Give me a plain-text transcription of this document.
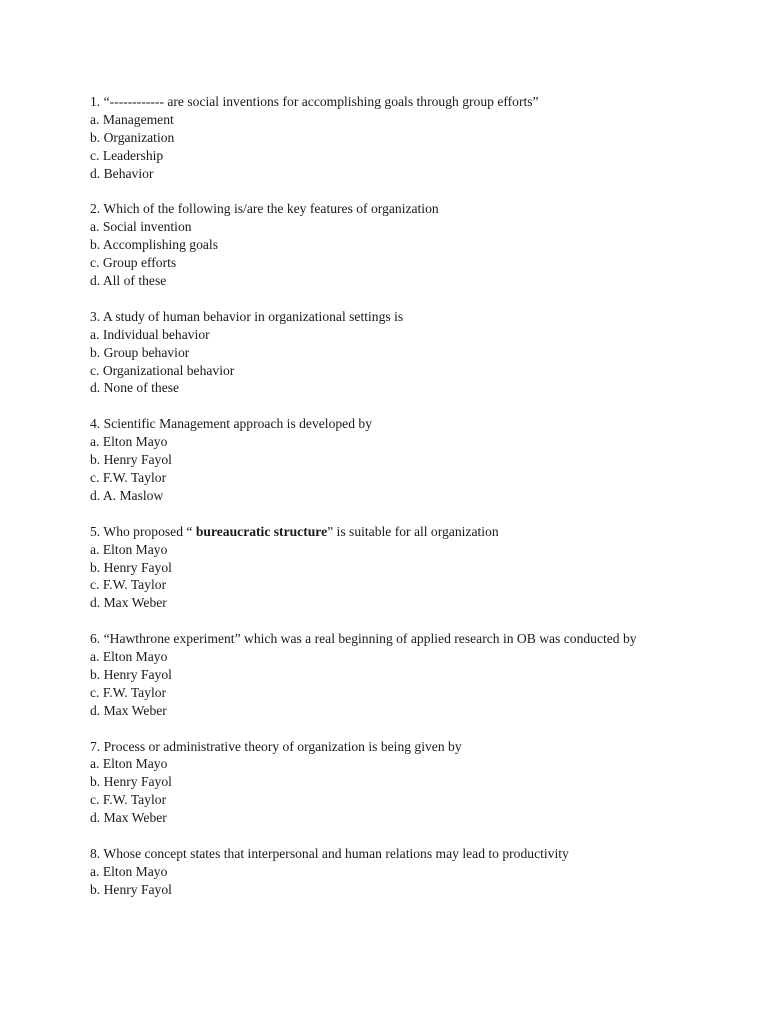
1. “------------ are social inventions for accomplishing goals through group efforts”
a. Management
b. Organization
c. Leadership
d. Behavior
2. Which of the following is/are the key features of organization
a. Social invention
b. Accomplishing goals
c. Group efforts
d. All of these
3. A study of human behavior in organizational settings is
a. Individual behavior
b. Group behavior
c. Organizational behavior
d. None of these
4. Scientific Management approach is developed by
a. Elton Mayo
b. Henry Fayol
c. F.W. Taylor
d. A. Maslow
5. Who proposed “ bureaucratic structure” is suitable for all organization
a. Elton Mayo
b. Henry Fayol
c. F.W. Taylor
d. Max Weber
6. “Hawthrone experiment” which was a real beginning of applied research in OB was conducted by
a. Elton Mayo
b. Henry Fayol
c. F.W. Taylor
d. Max Weber
7. Process or administrative theory of organization is being given by
a. Elton Mayo
b. Henry Fayol
c. F.W. Taylor
d. Max Weber
8. Whose concept states that interpersonal and human relations may lead to productivity
a. Elton Mayo
b. Henry Fayol
